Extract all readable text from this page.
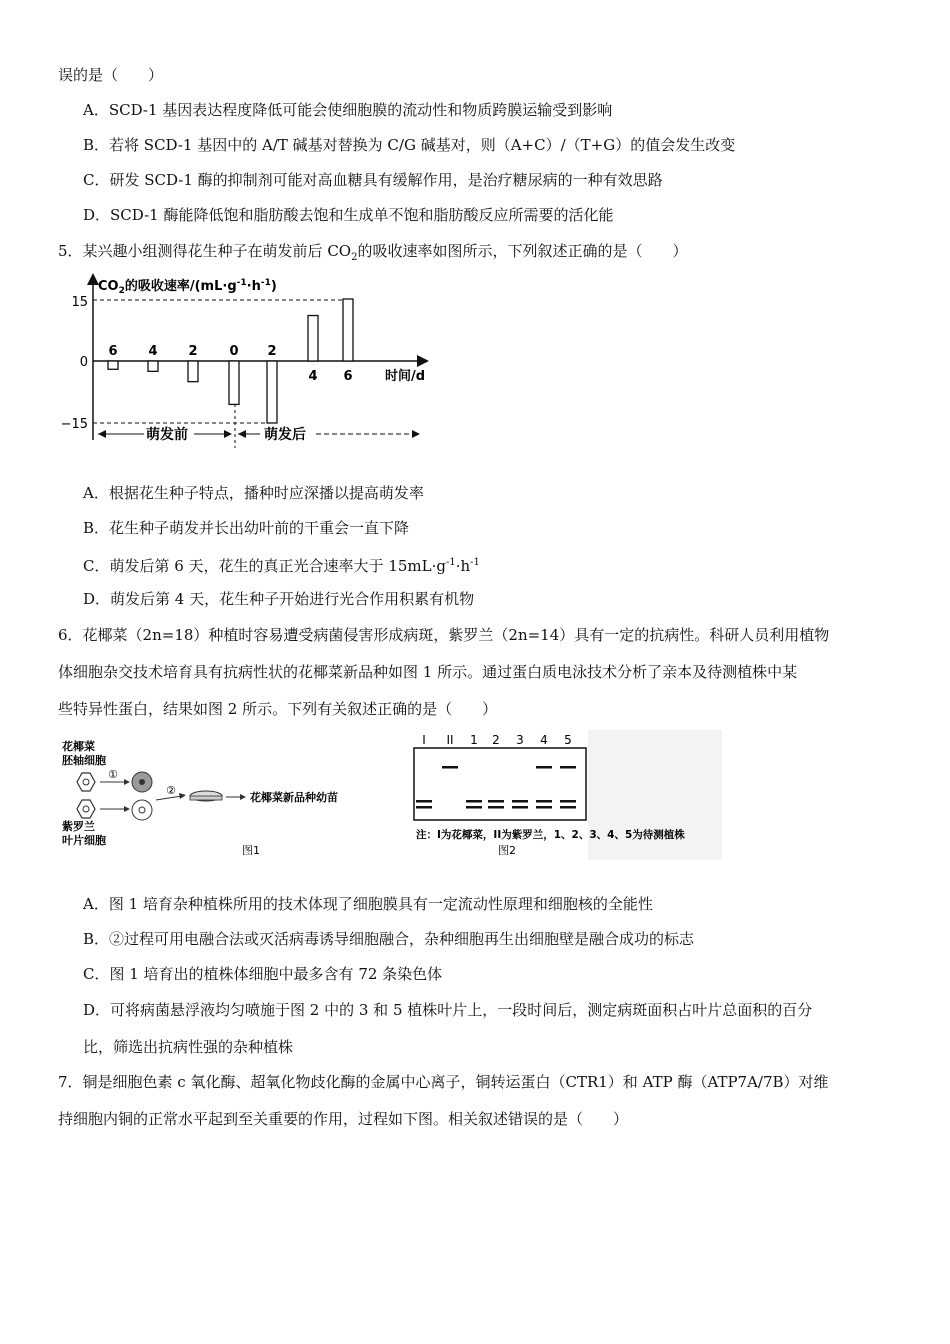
误的是（　　）
A．SCD-1 基因表达程度降低可能会使细胞膜的流动性和物质跨膜运输受到影响
B．若将 SCD-1 基因中的 A/T 碱基对替换为 C/G 碱基对，则（A+C）/（T+G）的值会发生改变
C．研发 SCD-1 酶的抑制剂可能对高血糖具有缓解作用，是治疗糖尿病的一种有效思路
D．SCD-1 酶能降低饱和脂肪酸去饱和生成单不饱和脂肪酸反应所需要的活化能
5．某兴趣小组测得花生种子在萌发前后 $CO_2$的吸收速率如图所示，下列叙述正确的是（　　）
$CO_2$的吸收速率$/(mL\cdot g^{-1}\cdot h^{-1})$
15
0
−15
时间/d
6 4 2 0 2
4 6
萌发前	萌发后
A．根据花生种子特点，播种时应深播以提高萌发率
B．花生种子萌发并长出幼叶前的干重会一直下降
C．萌发后第 6 天，花生的真正光合速率大于 $15mL\cdot g^{-1}\cdot h^{-1}$
D．萌发后第 4 天，花生种子开始进行光合作用积累有机物
6．花椰菜（2n=18）种植时容易遭受病菌侵害形成病斑，紫罗兰（2n=14）具有一定的抗病性。科研人员利用植物
体细胞杂交技术培育具有抗病性状的花椰菜新品种如图 1 所示。通过蛋白质电泳技术分析了亲本及待测植株中某
些特异性蛋白，结果如图 2 所示。下列有关叙述正确的是（　　）
花椰菜
胚轴细胞
①
紫罗兰
叶片细胞
②
花椰菜新品种幼苗
图1
I II 1 2 3 4 5
注：I为花椰菜，II为紫罗兰，1、2、3、4、5为待测植株
图2
A．图 1 培育杂种植株所用的技术体现了细胞膜具有一定流动性原理和细胞核的全能性
B．②过程可用电融合法或灭活病毒诱导细胞融合，杂种细胞再生出细胞壁是融合成功的标志
C．图 1 培育出的植株体细胞中最多含有 72 条染色体
D．可将病菌悬浮液均匀喷施于图 2 中的 3 和 5 植株叶片上，一段时间后，测定病斑面积占叶片总面积的百分
比，筛选出抗病性强的杂种植株
7．铜是细胞色素 c 氧化酶、超氧化物歧化酶的金属中心离子，铜转运蛋白（CTR1）和 ATP 酶（ATP7A/7B）对维
持细胞内铜的正常水平起到至关重要的作用，过程如下图。相关叙述错误的是（　　）
